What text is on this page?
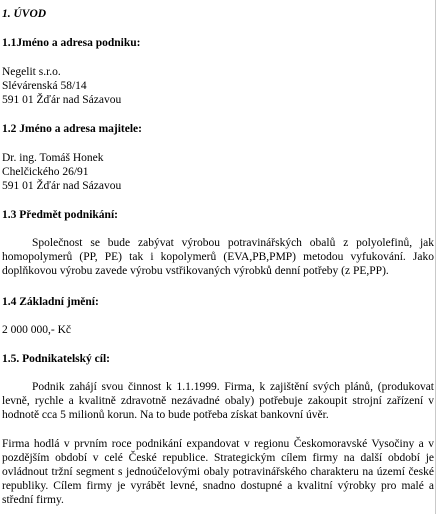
1. ÚVOD
1.1Jméno a adresa podniku:
Negelit s.r.o.
Slévárenská 58/14
591 01 Žďár nad Sázavou
1.2 Jméno a adresa majitele:
Dr. ing. Tomáš Honek
Chelčického 26/91
591 01 Žďár nad Sázavou
1.3 Předmět podnikání:
Společnost se bude zabývat výrobou potravinářských obalů z polyolefinů, jak homopolymerů (PP, PE) tak i kopolymerů (EVA,PB,PMP) metodou vyfukování. Jako doplňkovou výrobu zavede výrobu vstřikovaných výrobků denní potřeby (z PE,PP).
1.4 Základní jmění:
2 000 000,- Kč
1.5. Podnikatelský cíl:
Podnik zahájí svou činnost k 1.1.1999. Firma, k zajištění svých plánů, (produkovat levně, rychle a kvalitně zdravotně nezávadné obaly) potřebuje zakoupit strojní zařízení v hodnotě cca 5 milionů korun. Na to bude potřeba získat bankovní úvěr.
Firma hodlá v prvním roce podnikání expandovat v regionu Českomoravské Vysočiny a v pozdějším období v celé České republice. Strategickým cílem firmy na další období je ovládnout tržní segment s jednoúčelovými obaly potravinářského charakteru na území české republiky. Cílem firmy je vyrábět levné, snadno dostupné a kvalitní výrobky pro malé a střední firmy.
